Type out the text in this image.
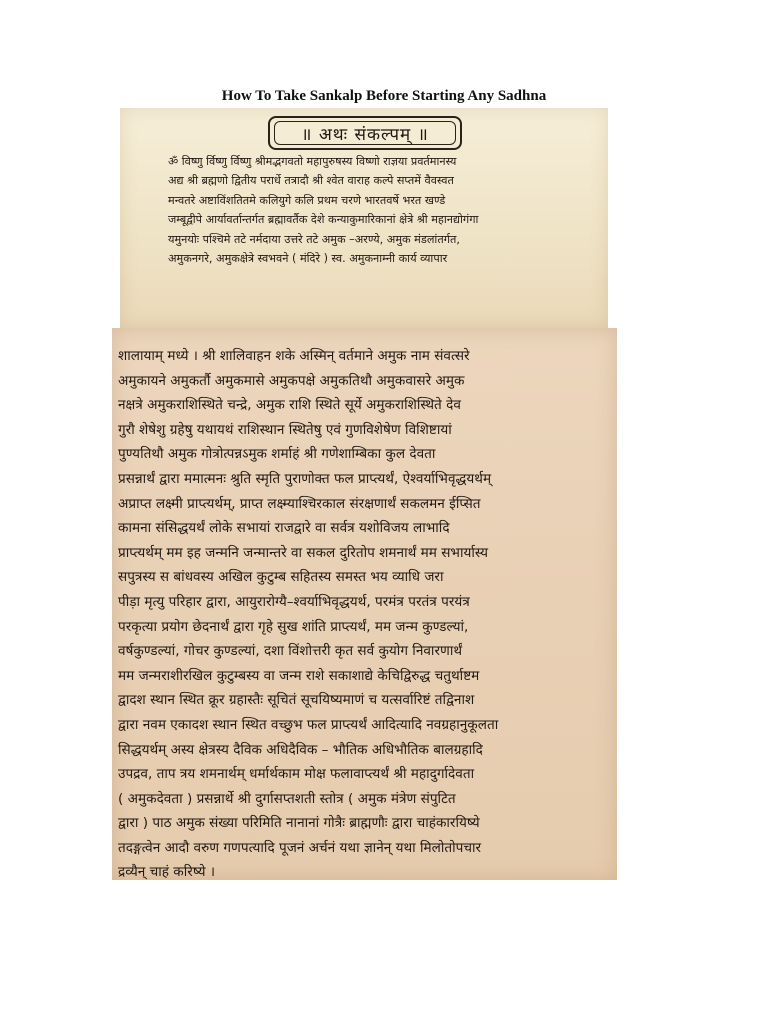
How To Take Sankalp Before Starting Any Sadhna
॥ अथः संकल्पम् ॥
ॐ विष्णु र्विष्णु र्विष्णु श्रीमद्भगवतो महापुरुषस्य विष्णो राज्ञया प्रवर्तमानस्य
अद्य श्री ब्रह्मणो द्वितीय परार्धे तत्रादौ श्री श्वेत वाराह कल्पे सप्तमें वैवस्वत
मन्वतरे अष्टाविंशतितमे कलियुगे कलि प्रथम चरणे भारतवर्षे भरत खण्डे
जम्बूद्वीपे आर्यावर्तान्तर्गत ब्रह्मावर्तैक देशे कन्याकुमारिकानां क्षेत्रे श्री महानद्योगंगा
यमुनयोः पश्चिमे तटे नर्मदाया उत्तरे तटे अमुक –अरण्ये, अमुक मंडलांतर्गत,
अमुकनगरे, अमुकक्षेत्रे स्वभवने ( मंदिरे ) स्व. अमुकनाम्नी कार्य व्यापार
शालायाम् मध्ये । श्री शालिवाहन शके अस्मिन् वर्तमाने अमुक नाम संवत्सरे
अमुकायने अमुकर्तौ अमुकमासे अमुकपक्षे अमुकतिथौ अमुकवासरे अमुक
नक्षत्रे अमुकराशिस्थिते चन्द्रे, अमुक राशि स्थिते सूर्ये अमुकराशिस्थिते देव
गुरौ शेषेशु ग्रहेषु यथायथं राशिस्थान स्थितेषु एवं गुणविशेषेण विशिष्टायां
पुण्यतिथौ अमुक गोत्रोत्पन्नऽमुक शर्माहं श्री गणेशाम्बिका कुल देवता
प्रसन्नार्थं द्वारा ममात्मनः श्रुति स्मृति पुराणोक्त फल प्राप्त्यर्थं, ऐश्वर्याभिवृद्धयर्थम्
अप्राप्त लक्ष्मी प्राप्त्यर्थम्, प्राप्त लक्ष्म्याश्चिरकाल संरक्षणार्थं सकलमन ईप्सित
कामना संसिद्धयर्थं लोके सभायां राजद्वारे वा सर्वत्र यशोविजय लाभादि
प्राप्त्यर्थम् मम इह जन्मनि जन्मान्तरे वा सकल दुरितोप शमनार्थं मम सभार्यास्य
सपुत्रस्य स बांधवस्य अखिल कुटुम्ब सहितस्य समस्त भय व्याधि जरा
पीड़ा मृत्यु परिहार द्वारा, आयुरारोग्यै–श्वर्याभिवृद्धयर्थ, परमंत्र परतंत्र परयंत्र
परकृत्या प्रयोग छेदनार्थं द्वारा गृहे सुख शांति प्राप्त्यर्थं, मम जन्म कुण्डल्यां,
वर्षकुण्डल्यां, गोचर कुण्डल्यां, दशा विंशोत्तरी कृत सर्व कुयोग निवारणार्थं
मम जन्मराशीरखिल कुटुम्बस्य वा जन्म राशे सकाशाद्ये केचिद्विरुद्ध चतुर्थाष्टम
द्वादश स्थान स्थित क्रूर ग्रहास्तैः सूचितं सूचयिष्यमाणं च यत्सर्वारिष्टं तद्विनाश
द्वारा नवम एकादश स्थान स्थित वच्छुभ फल प्राप्त्यर्थं आदित्यादि नवग्रहानुकूलता
सिद्धयर्थम् अस्य क्षेत्रस्य दैविक अधिदैविक – भौतिक अधिभौतिक बालग्रहादि
उपद्रव, ताप त्रय शमनार्थम् धर्मार्थकाम मोक्ष फलावाप्त्यर्थं श्री महादुर्गादेवता
( अमुकदेवता ) प्रसन्नार्थे श्री दुर्गासप्तशती स्तोत्र ( अमुक मंत्रेण संपुटित
द्वारा ) पाठ अमुक संख्या परिमिति नानानां गोत्रैः ब्राह्मणौः द्वारा चाहंकारयिष्ये
तदङ्गत्वेन आदौ वरुण गणपत्यादि पूजनं अर्चनं यथा ज्ञानेन् यथा मिलोतोपचार
द्रव्यैन् चाहं करिष्ये ।
